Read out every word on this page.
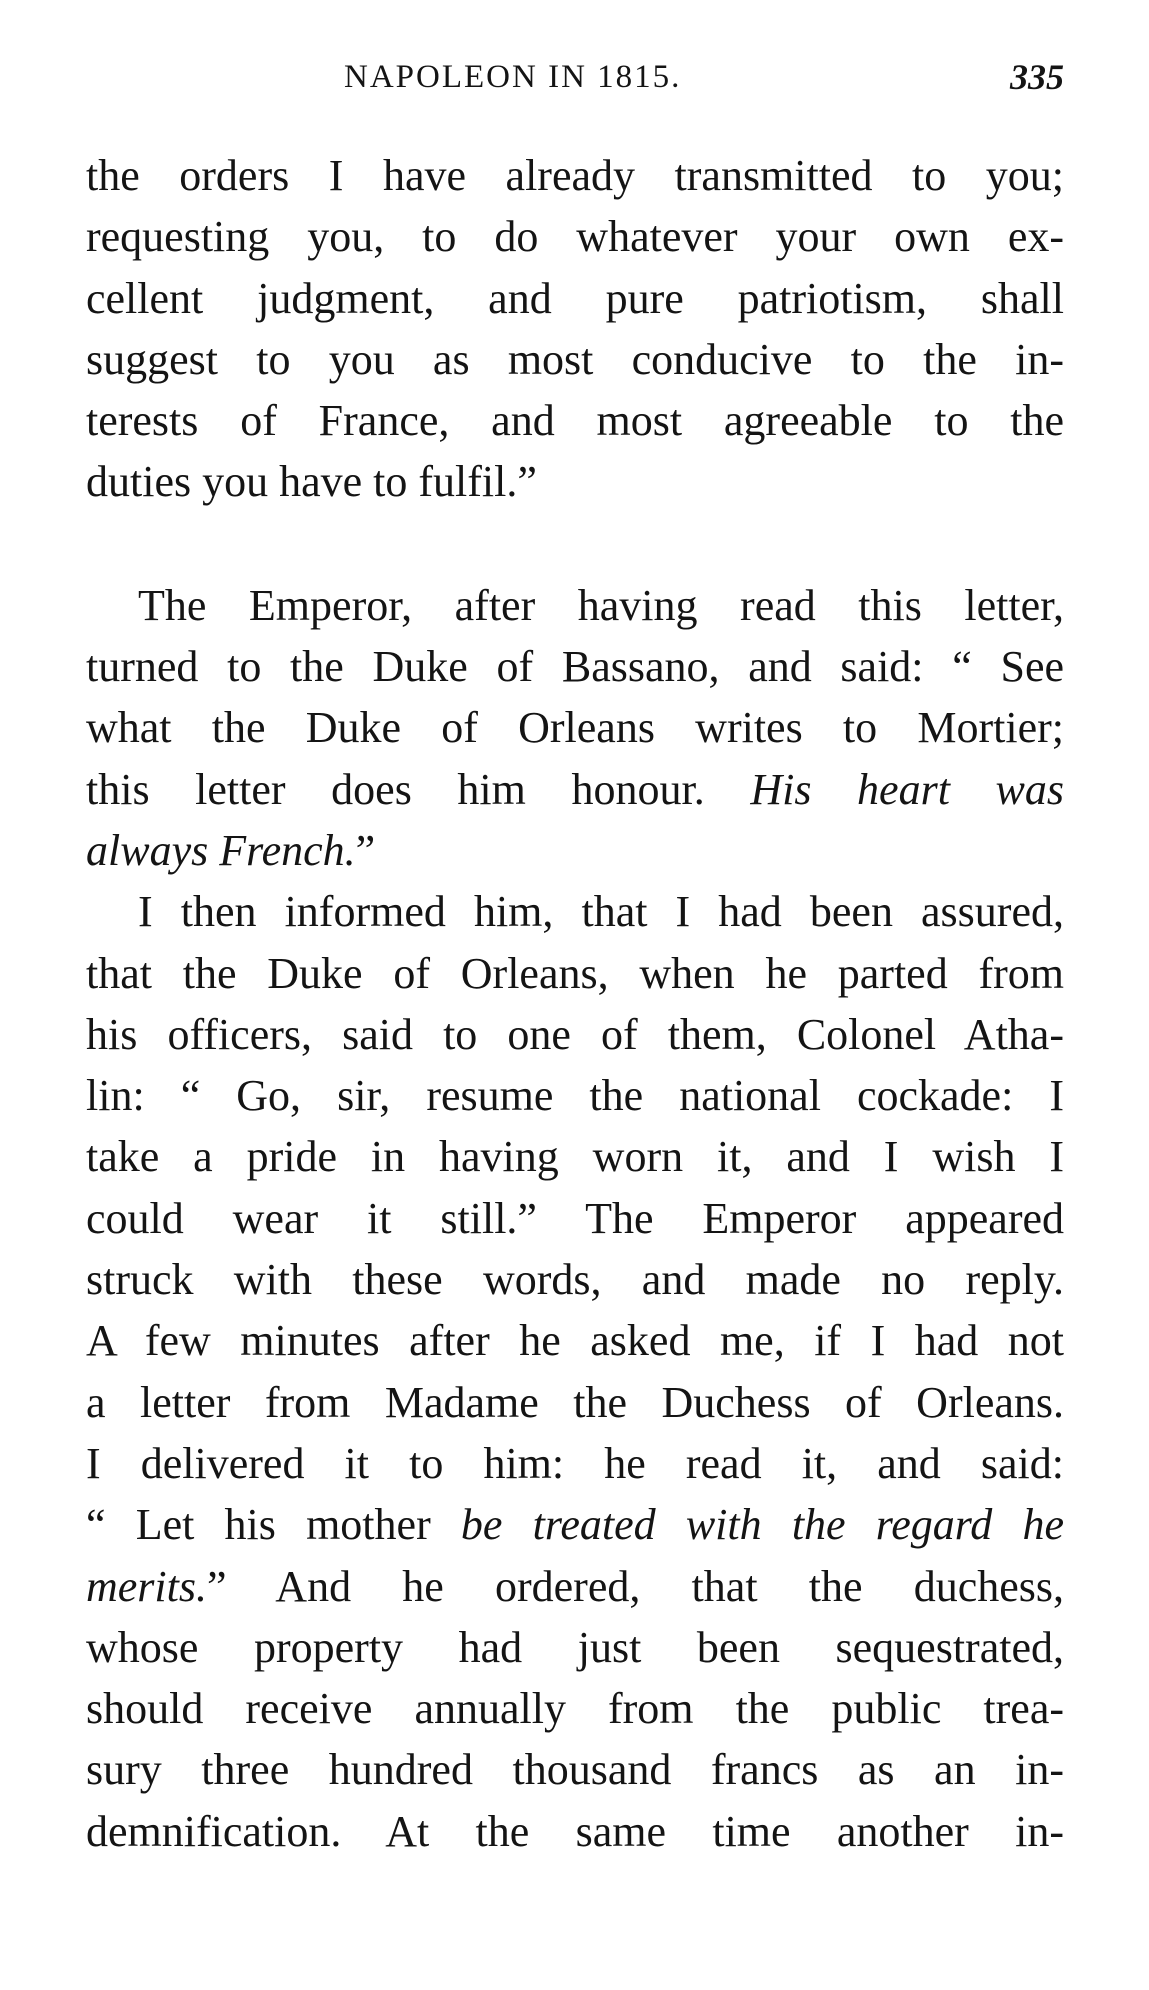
NAPOLEON IN 1815.	335
the orders I have already transmitted to you;
requesting you, to do whatever your own ex-
cellent judgment, and pure patriotism, shall
suggest to you as most conducive to the in-
terests of France, and most agreeable to the
duties you have to fulfil.”
The Emperor, after having read this letter,
turned to the Duke of Bassano, and said: “ See
what the Duke of Orleans writes to Mortier;
this letter does him honour. His heart was
always French.”
I then informed him, that I had been assured,
that the Duke of Orleans, when he parted from
his officers, said to one of them, Colonel Atha-
lin: “ Go, sir, resume the national cockade: I
take a pride in having worn it, and I wish I
could wear it still.” The Emperor appeared
struck with these words, and made no reply.
A few minutes after he asked me, if I had not
a letter from Madame the Duchess of Orleans.
I delivered it to him: he read it, and said:
“ Let his mother be treated with the regard he
merits.” And he ordered, that the duchess,
whose property had just been sequestrated,
should receive annually from the public trea-
sury three hundred thousand francs as an in-
demnification. At the same time another in-
